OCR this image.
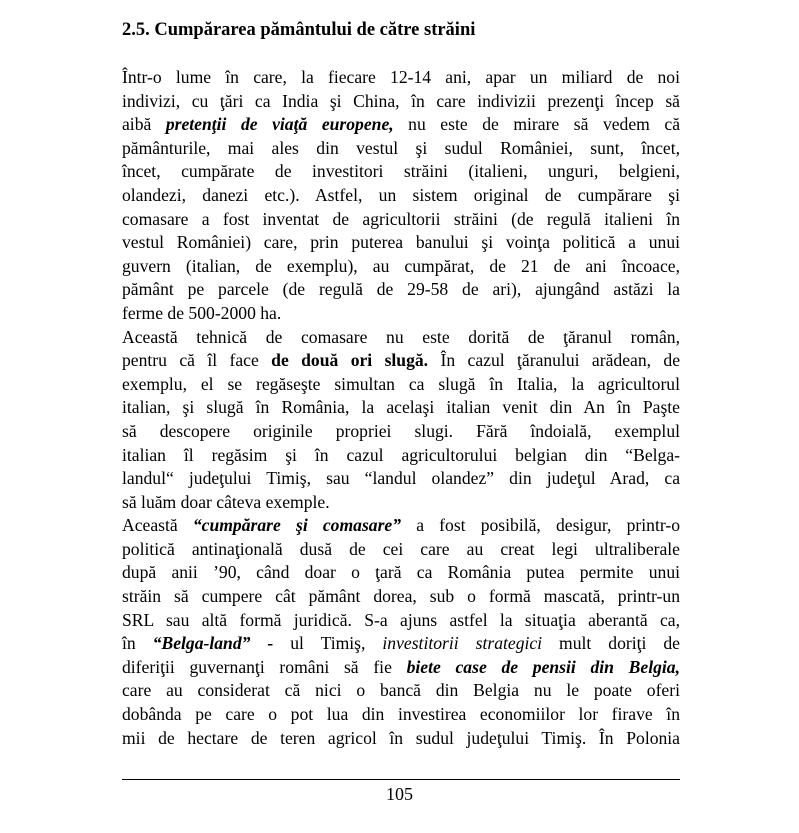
2.5. Cumpărarea pământului de către străini
Într-o lume în care, la fiecare 12-14 ani, apar un miliard de noi
indivizi, cu ţări ca India şi China, în care indivizii prezenţi încep să
aibă pretenţii de viaţă europene, nu este de mirare să vedem că
pământurile, mai ales din vestul şi sudul României, sunt, încet,
încet, cumpărate de investitori străini (italieni, unguri, belgieni,
olandezi, danezi etc.). Astfel, un sistem original de cumpărare şi
comasare a fost inventat de agricultorii străini (de regulă italieni în
vestul României) care, prin puterea banului şi voinţa politică a unui
guvern (italian, de exemplu), au cumpărat, de 21 de ani încoace,
pământ pe parcele (de regulă de 29-58 de ari), ajungând astăzi la
ferme de 500-2000 ha.
Această tehnică de comasare nu este dorită de ţăranul român,
pentru că îl face de două ori slugă. În cazul ţăranului arădean, de
exemplu, el se regăseşte simultan ca slugă în Italia, la agricultorul
italian, şi slugă în România, la acelaşi italian venit din An în Paşte
să descopere originile propriei slugi. Fără îndoială, exemplul
italian îl regăsim şi în cazul agricultorului belgian din “Belga-
landul“ judeţului Timiş, sau “landul olandez” din judeţul Arad, ca
să luăm doar câteva exemple.
Această “cumpărare şi comasare” a fost posibilă, desigur, printr-o
politică antinaţională dusă de cei care au creat legi ultraliberale
după anii ’90, când doar o ţară ca România putea permite unui
străin să cumpere cât pământ dorea, sub o formă mascată, printr-un
SRL sau altă formă juridică. S-a ajuns astfel la situaţia aberantă ca,
în “Belga-land” - ul Timiş, investitorii strategici mult doriţi de
diferiţii guvernanţi români să fie biete case de pensii din Belgia,
care au considerat că nici o bancă din Belgia nu le poate oferi
dobânda pe care o pot lua din investirea economiilor lor firave în
mii de hectare de teren agricol în sudul judeţului Timiş. În Polonia
105
